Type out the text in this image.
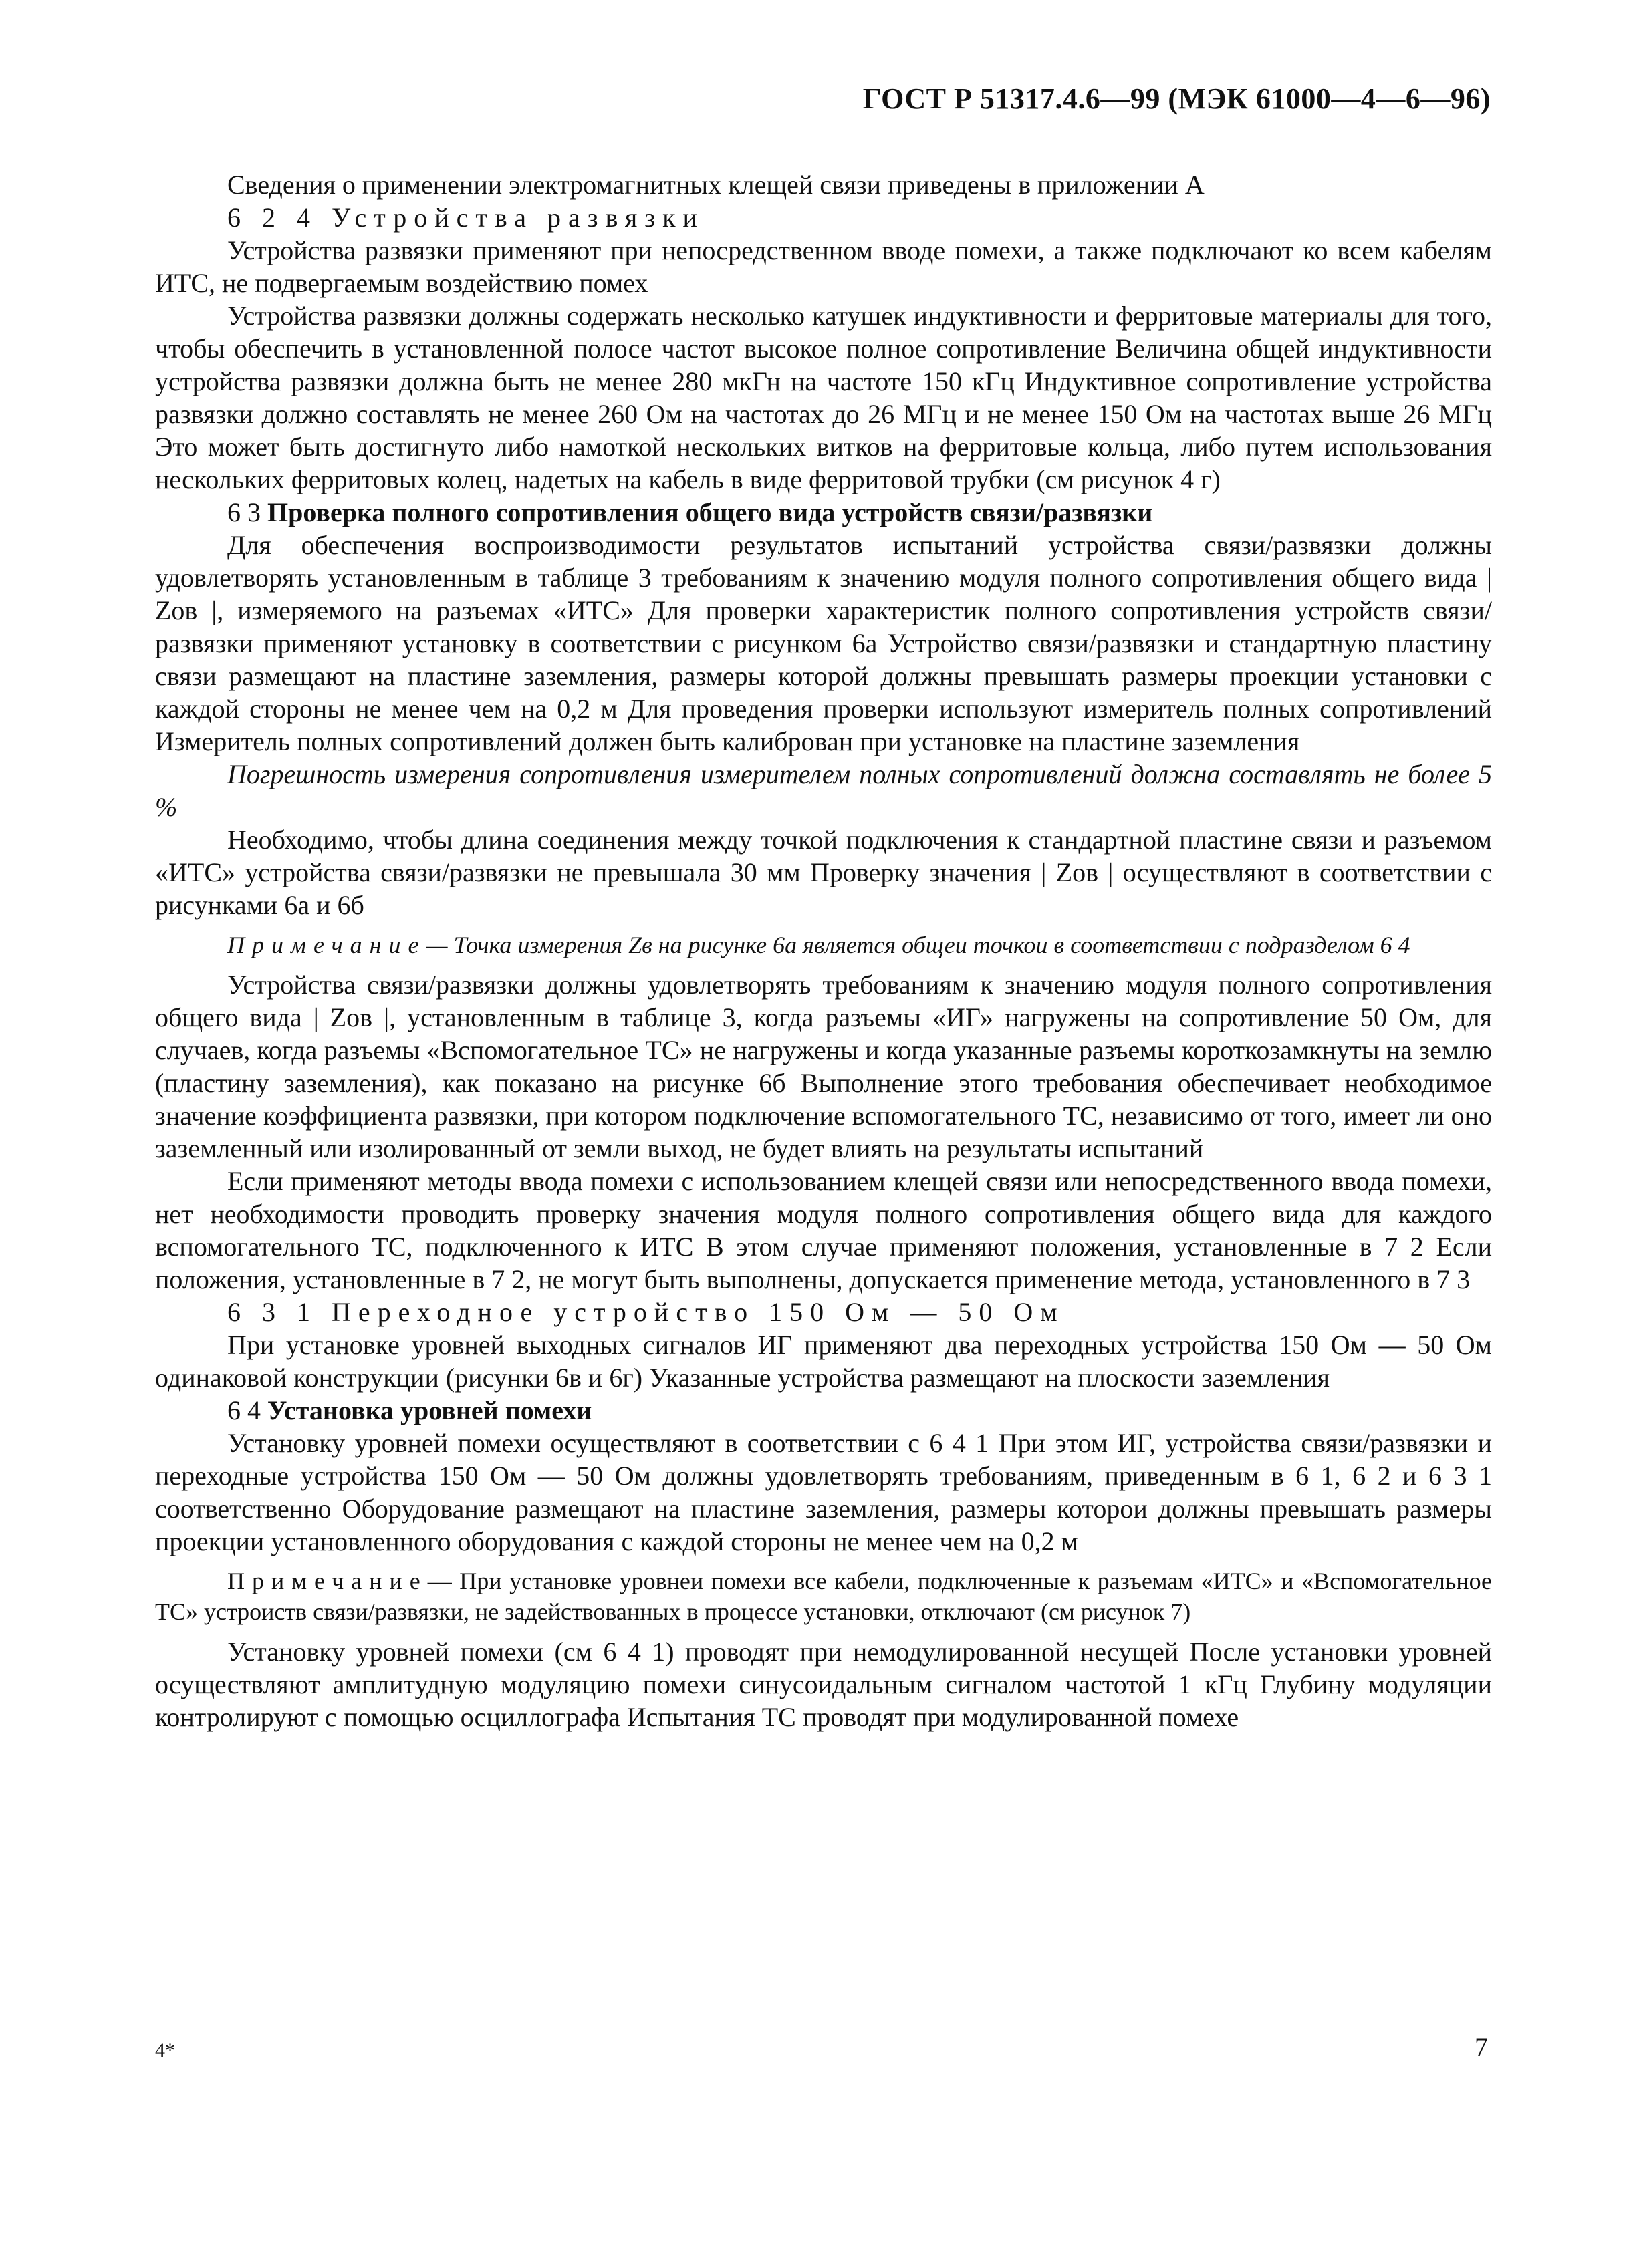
ГОСТ Р 51317.4.6—99 (МЭК 61000—4—6—96)

Сведения о применении электромагнитных клещей связи приведены в приложении А

6 2 4 Устройства развязки

Устройства развязки применяют при непосредственном вводе помехи, а также подключают ко всем кабелям ИТС, не подвергаемым воздействию помех

Устройства развязки должны содержать несколько катушек индуктивности и ферритовые материалы для того, чтобы обеспечить в установленной полосе частот высокое полное сопротивление Величина общей индуктивности устройства развязки должна быть не менее 280 мкГн на частоте 150 кГц Индуктивное сопротивление устройства развязки должно составлять не менее 260 Ом на частотах до 26 МГц и не менее 150 Ом на частотах выше 26 МГц Это может быть достигнуто либо намоткой нескольких витков на ферритовые кольца, либо путем использования нескольких ферритовых колец, надетых на кабель в виде ферритовой трубки (см рисунок 4 г)

6 3 Проверка полного сопротивления общего вида устройств связи/развязки

Для обеспечения воспроизводимости результатов испытаний устройства связи/развязки должны удовлетворять установленным в таблице 3 требованиям к значению модуля полного сопротивления общего вида | Zов |, измеряемого на разъемах «ИТС» Для проверки характеристик полного сопротивления устройств связи/развязки применяют установку в соответствии с рисунком 6а Устройство связи/развязки и стандартную пластину связи размещают на пластине заземления, размеры которой должны превышать размеры проекции установки с каждой стороны не менее чем на 0,2 м Для проведения проверки используют измеритель полных сопротивлений Измеритель полных сопротивлений должен быть калиброван при установке на пластине заземления

Погрешность измерения сопротивления измерителем полных сопротивлений должна составлять не более 5 %

Необходимо, чтобы длина соединения между точкой подключения к стандартной пластине связи и разъемом «ИТС» устройства связи/развязки не превышала 30 мм Проверку значения | Zов | осуществляют в соответствии с рисунками 6а и 6б

Примечание— Точка измерения Zв на рисунке 6а является общеи точкои в соответствии с подразделом 6 4

Устройства связи/развязки должны удовлетворять требованиям к значению модуля полного сопротивления общего вида | Zов |, установленным в таблице 3, когда разъемы «ИГ» нагружены на сопротивление 50 Ом, для случаев, когда разъемы «Вспомогательное ТС» не нагружены и когда указанные разъемы короткозамкнуты на землю (пластину заземления), как показано на рисунке 6б Выполнение этого требования обеспечивает необходимое значение коэффициента развязки, при котором подключение вспомогательного ТС, независимо от того, имеет ли оно заземленный или изолированный от земли выход, не будет влиять на результаты испытаний

Если применяют методы ввода помехи с использованием клещей связи или непосредственного ввода помехи, нет необходимости проводить проверку значения модуля полного сопротивления общего вида для каждого вспомогательного ТС, подключенного к ИТС В этом случае применяют положения, установленные в 7 2 Если положения, установленные в 7 2, не могут быть выполнены, допускается применение метода, установленного в 7 3

6 3 1 Переходное устройство 150 Ом — 50 Ом

При установке уровней выходных сигналов ИГ применяют два переходных устройства 150 Ом — 50 Ом одинаковой конструкции (рисунки 6в и 6г) Указанные устройства размещают на плоскости заземления

6 4 Установка уровней помехи

Установку уровней помехи осуществляют в соответствии с 6 4 1 При этом ИГ, устройства связи/развязки и переходные устройства 150 Ом — 50 Ом должны удовлетворять требованиям, приведенным в 6 1, 6 2 и 6 3 1 соответственно Оборудование размещают на пластине заземления, размеры которои должны превышать размеры проекции установленного оборудования с каждой стороны не менее чем на 0,2 м

Примечание— При установке уровнеи помехи все кабели, подключенные к разъемам «ИТС» и «Вспомогательное ТС» устроиств связи/развязки, не задействованных в процессе установки, отключают (см рисунок 7)

Установку уровней помехи (см 6 4 1) проводят при немодулированной несущей После установки уровней осуществляют амплитудную модуляцию помехи синусоидальным сигналом частотой 1 кГц Глубину модуляции контролируют с помощью осциллографа Испытания ТС проводят при модулированной помехе

4*	7
